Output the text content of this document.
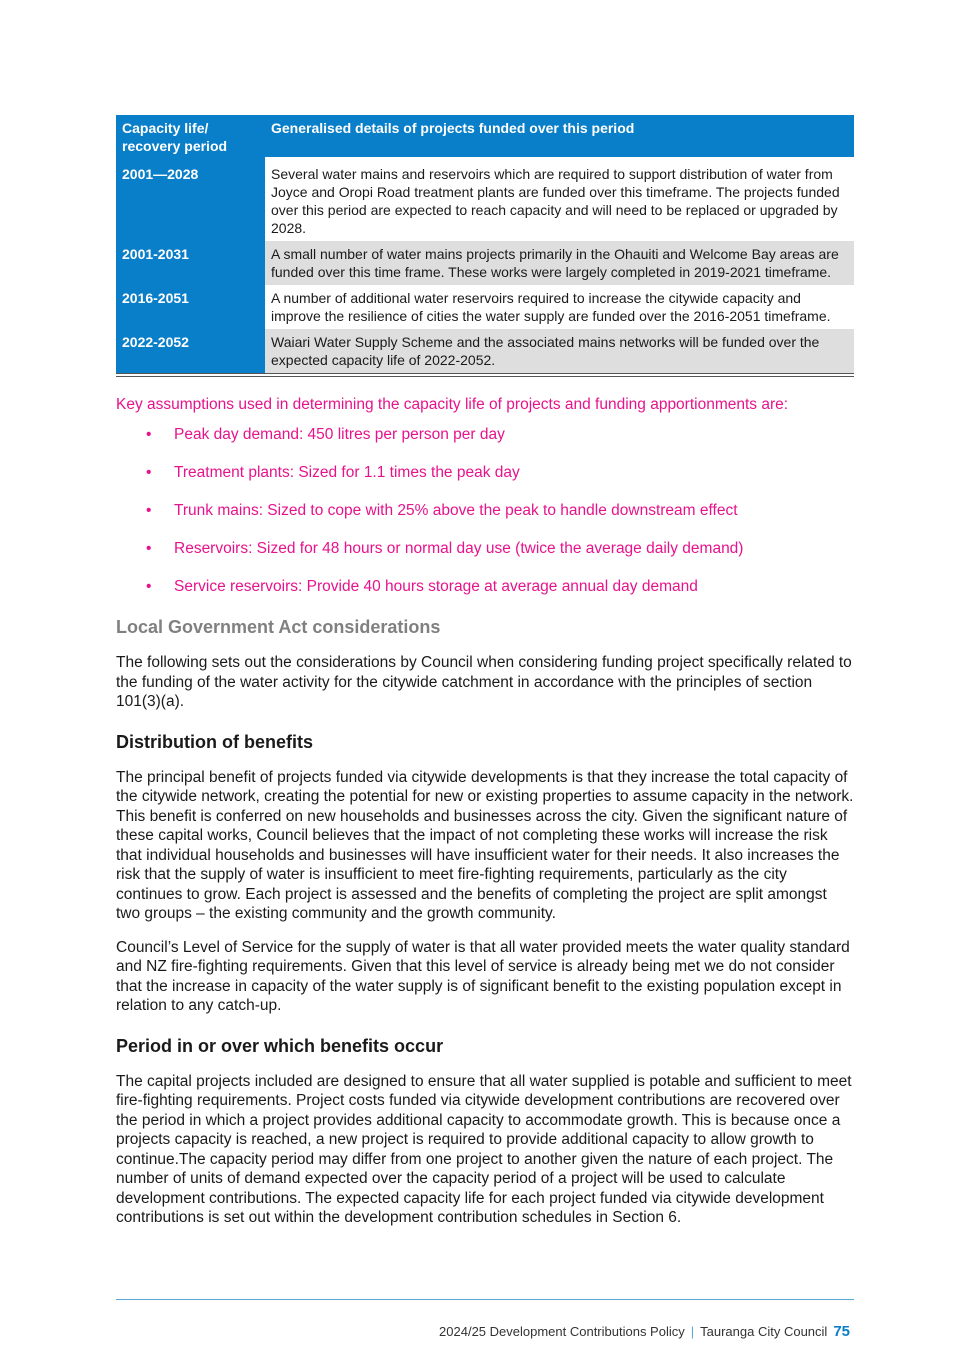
Capacity life/ recovery period	Generalised details of projects funded over this period

2001—2028	Several water mains and reservoirs which are required to support distribution of water from Joyce and Oropi Road treatment plants are funded over this timeframe. The projects funded over this period are expected to reach capacity and will need to be replaced or upgraded by 2028.
2001-2031	A small number of water mains projects primarily in the Ohauiti and Welcome Bay areas are funded over this time frame. These works were largely completed in 2019-2021 timeframe.
2016-2051	A number of additional water reservoirs required to increase the citywide capacity and improve the resilience of cities the water supply are funded over the 2016-2051 timeframe.
2022-2052	Waiari Water Supply Scheme and the associated mains networks will be funded over the expected capacity life of 2022-2052.

Key assumptions used in determining the capacity life of projects and funding apportionments are:

• Peak day demand: 450 litres per person per day
• Treatment plants: Sized for 1.1 times the peak day
• Trunk mains: Sized to cope with 25% above the peak to handle downstream effect
• Reservoirs: Sized for 48 hours or normal day use (twice the average daily demand)
• Service reservoirs: Provide 40 hours storage at average annual day demand
Local Government Act considerations

The following sets out the considerations by Council when considering funding project specifically related to the funding of the water activity for the citywide catchment in accordance with the principles of section 101(3)(a).

Distribution of benefits

The principal benefit of projects funded via citywide developments is that they increase the total capacity of the citywide network, creating the potential for new or existing properties to assume capacity in the network. This benefit is conferred on new households and businesses across the city. Given the significant nature of these capital works, Council believes that the impact of not completing these works will increase the risk that individual households and businesses will have insufficient water for their needs. It also increases the risk that the supply of water is insufficient to meet fire-fighting requirements, particularly as the city continues to grow. Each project is assessed and the benefits of completing the project are split amongst two groups – the existing community and the growth community.

Council’s Level of Service for the supply of water is that all water provided meets the water quality standard and NZ fire-fighting requirements. Given that this level of service is already being met we do not consider that the increase in capacity of the water supply is of significant benefit to the existing population except in relation to any catch-up.

Period in or over which benefits occur

The capital projects included are designed to ensure that all water supplied is potable and sufficient to meet fire-fighting requirements. Project costs funded via citywide development contributions are recovered over the period in which a project provides additional capacity to accommodate growth. This is because once a projects capacity is reached, a new project is required to provide additional capacity to allow growth to continue.The capacity period may differ from one project to another given the nature of each project. The number of units of demand expected over the capacity period of a project will be used to calculate development contributions. The expected capacity life for each project funded via citywide development contributions is set out within the development contribution schedules in Section 6.

2024/25 Development Contributions Policy | Tauranga City Council 75
